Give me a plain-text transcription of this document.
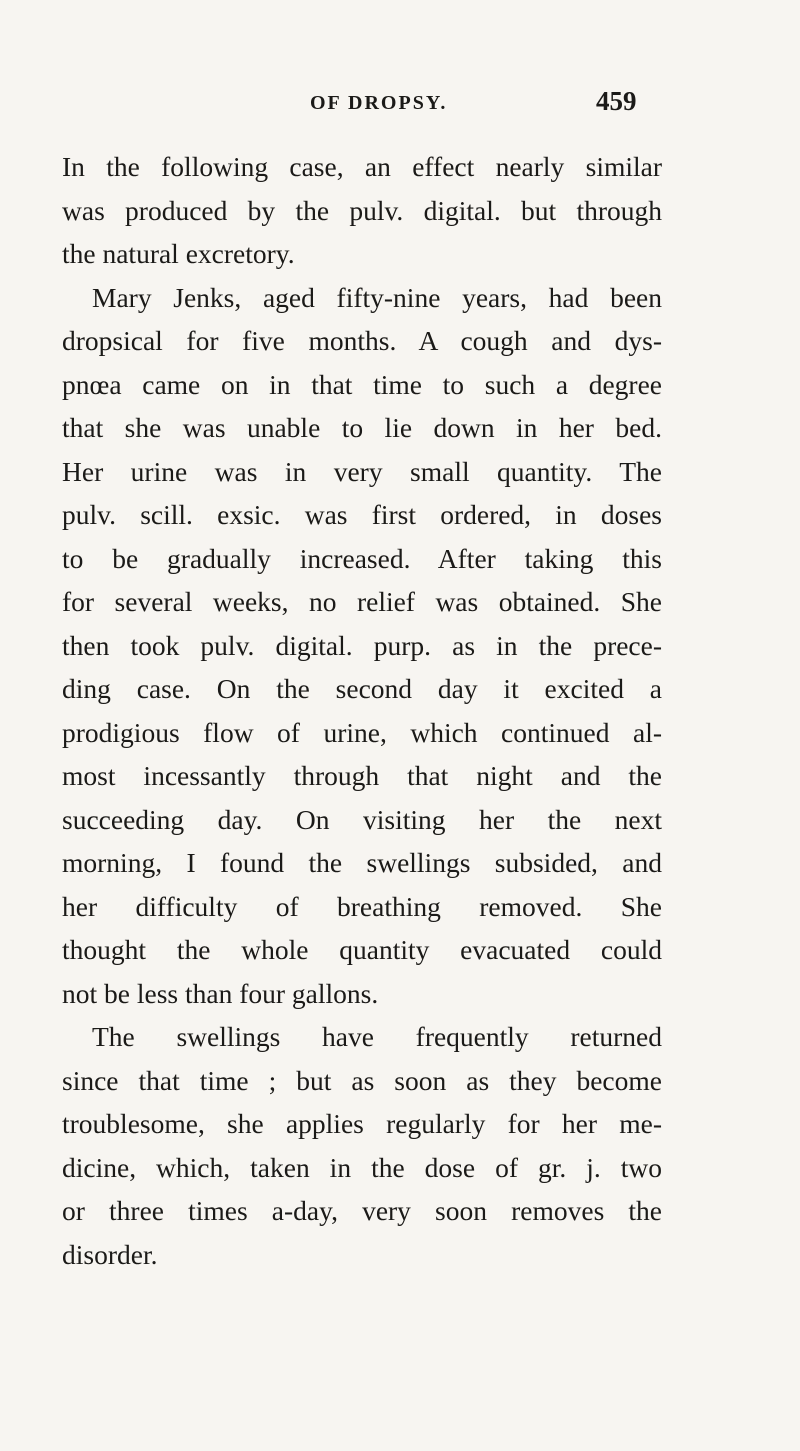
OF DROPSY.	459
In the following case, an effect nearly similar
was produced by the pulv. digital. but through
the natural excretory.
Mary Jenks, aged fifty-nine years, had been
dropsical for five months. A cough and dys-
pnœa came on in that time to such a degree
that she was unable to lie down in her bed.
Her urine was in very small quantity. The
pulv. scill. exsic. was first ordered, in doses
to be gradually increased. After taking this
for several weeks, no relief was obtained. She
then took pulv. digital. purp. as in the prece-
ding case. On the second day it excited a
prodigious flow of urine, which continued al-
most incessantly through that night and the
succeeding day. On visiting her the next
morning, I found the swellings subsided, and
her difficulty of breathing removed. She
thought the whole quantity evacuated could
not be less than four gallons.
The swellings have frequently returned
since that time ; but as soon as they become
troublesome, she applies regularly for her me-
dicine, which, taken in the dose of gr. j. two
or three times a-day, very soon removes the
disorder.
